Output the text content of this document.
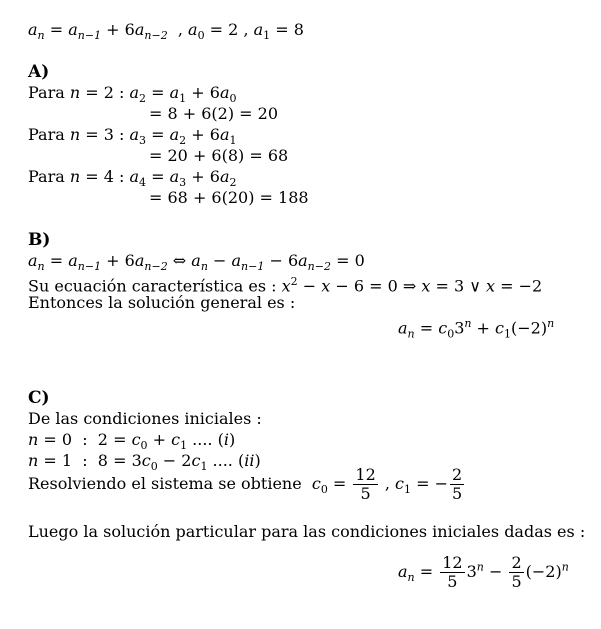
$a_n = a_{n-1} + 6a_{n-2}$  , $a_0 = 2$ , $a_1 = 8$
A)
Para n = 2 : $a_2 = a_1 + 6a_0$
= 8 + 6(2) = 20
Para n = 3 : $a_3 = a_2 + 6a_1$
= 20 + 6(8) = 68
Para n = 4 : $a_4 = a_3 + 6a_2$
= 68 + 6(20) = 188
B)
$a_n = a_{n-1} + 6a_{n-2}$ ⇔ $a_n - a_{n-1} - 6a_{n-2} = 0$
Su ecuación característica es : $x^2 - x - 6 = 0$ ⇒ x = 3 ∨ x = −2
Entonces la solución general es :
$a_n = c_03^n + c_1(-2)^n$
C)
De las condiciones iniciales :
n = 0  :  $2 = c_0 + c_1$ .... (i)
n = 1  :  $8 = 3c_0 - 2c_1$ .... (ii)
Resolviendo el sistema se obtiene $c_0 = \frac{12}{5}$ , $c_1$ = − $\frac{2}{5}$
Luego la solución particular para las condiciones iniciales dadas es :
$a_n = \frac{12}{5} 3^n - \frac{2}{5} (-2)^n$
